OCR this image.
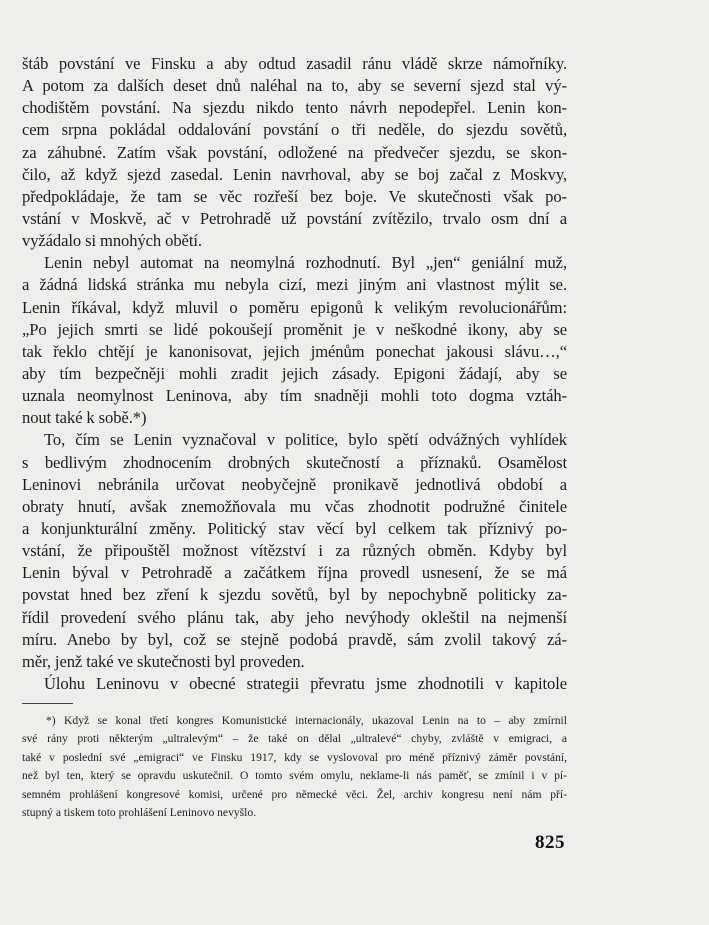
štáb povstání ve Finsku a aby odtud zasadil ránu vládě skrze námořníky.
A potom za dalších deset dnů naléhal na to, aby se severní sjezd stal vý-
chodištěm povstání. Na sjezdu nikdo tento návrh nepodepřel. Lenin kon-
cem srpna pokládal oddalování povstání o tři neděle, do sjezdu sovětů,
za záhubné. Zatím však povstání, odložené na předvečer sjezdu, se skon-
čilo, až když sjezd zasedal. Lenin navrhoval, aby se boj začal z Moskvy,
předpokládaje, že tam se věc rozřeší bez boje. Ve skutečnosti však po-
vstání v Moskvě, ač v Petrohradě už povstání zvítězilo, trvalo osm dní a
vyžádalo si mnohých obětí.
Lenin nebyl automat na neomylná rozhodnutí. Byl „jen“ geniální muž,
a žádná lidská stránka mu nebyla cizí, mezi jiným ani vlastnost mýlit se.
Lenin říkával, když mluvil o poměru epigonů k velikým revolucionářům:
„Po jejich smrti se lidé pokoušejí proměnit je v neškodné ikony, aby se
tak řeklo chtějí je kanonisovat, jejich jménům ponechat jakousi slávu…,“
aby tím bezpečněji mohli zradit jejich zásady. Epigoni žádají, aby se
uznala neomylnost Leninova, aby tím snadněji mohli toto dogma vztáh-
nout také k sobě.*)
To, čím se Lenin vyznačoval v politice, bylo spětí odvážných vyhlídek
s bedlivým zhodnocením drobných skutečností a příznaků. Osamělost
Leninovi nebránila určovat neobyčejně pronikavě jednotlivá období a
obraty hnutí, avšak znemožňovala mu včas zhodnotit podružné činitele
a konjunkturální změny. Politický stav věcí byl celkem tak příznivý po-
vstání, že připouštěl možnost vítězství i za různých obměn. Kdyby byl
Lenin býval v Petrohradě a začátkem října provedl usnesení, že se má
povstat hned bez zření k sjezdu sovětů, byl by nepochybně politicky za-
řídil provedení svého plánu tak, aby jeho nevýhody okleštil na nejmenší
míru. Anebo by byl, což se stejně podobá pravdě, sám zvolil takový zá-
měr, jenž také ve skutečnosti byl proveden.
Úlohu Leninovu v obecné strategii převratu jsme zhodnotili v kapitole
*) Když se konal třetí kongres Komunistické internacionály, ukazoval Lenin na to – aby zmírnil
své rány proti některým „ultralevým“ – že také on dělal „ultralevé“ chyby, zvláště v emigraci, a
také v poslední své „emigraci“ ve Finsku 1917, kdy se vyslovoval pro méně příznivý záměr povstání,
než byl ten, který se opravdu uskutečnil. O tomto svém omylu, neklame-li nás paměť, se zmínil i v pí-
semném prohlášení kongresové komisi, určené pro německé věci. Žel, archiv kongresu není nám pří-
stupný a tiskem toto prohlášení Leninovo nevyšlo.
825
